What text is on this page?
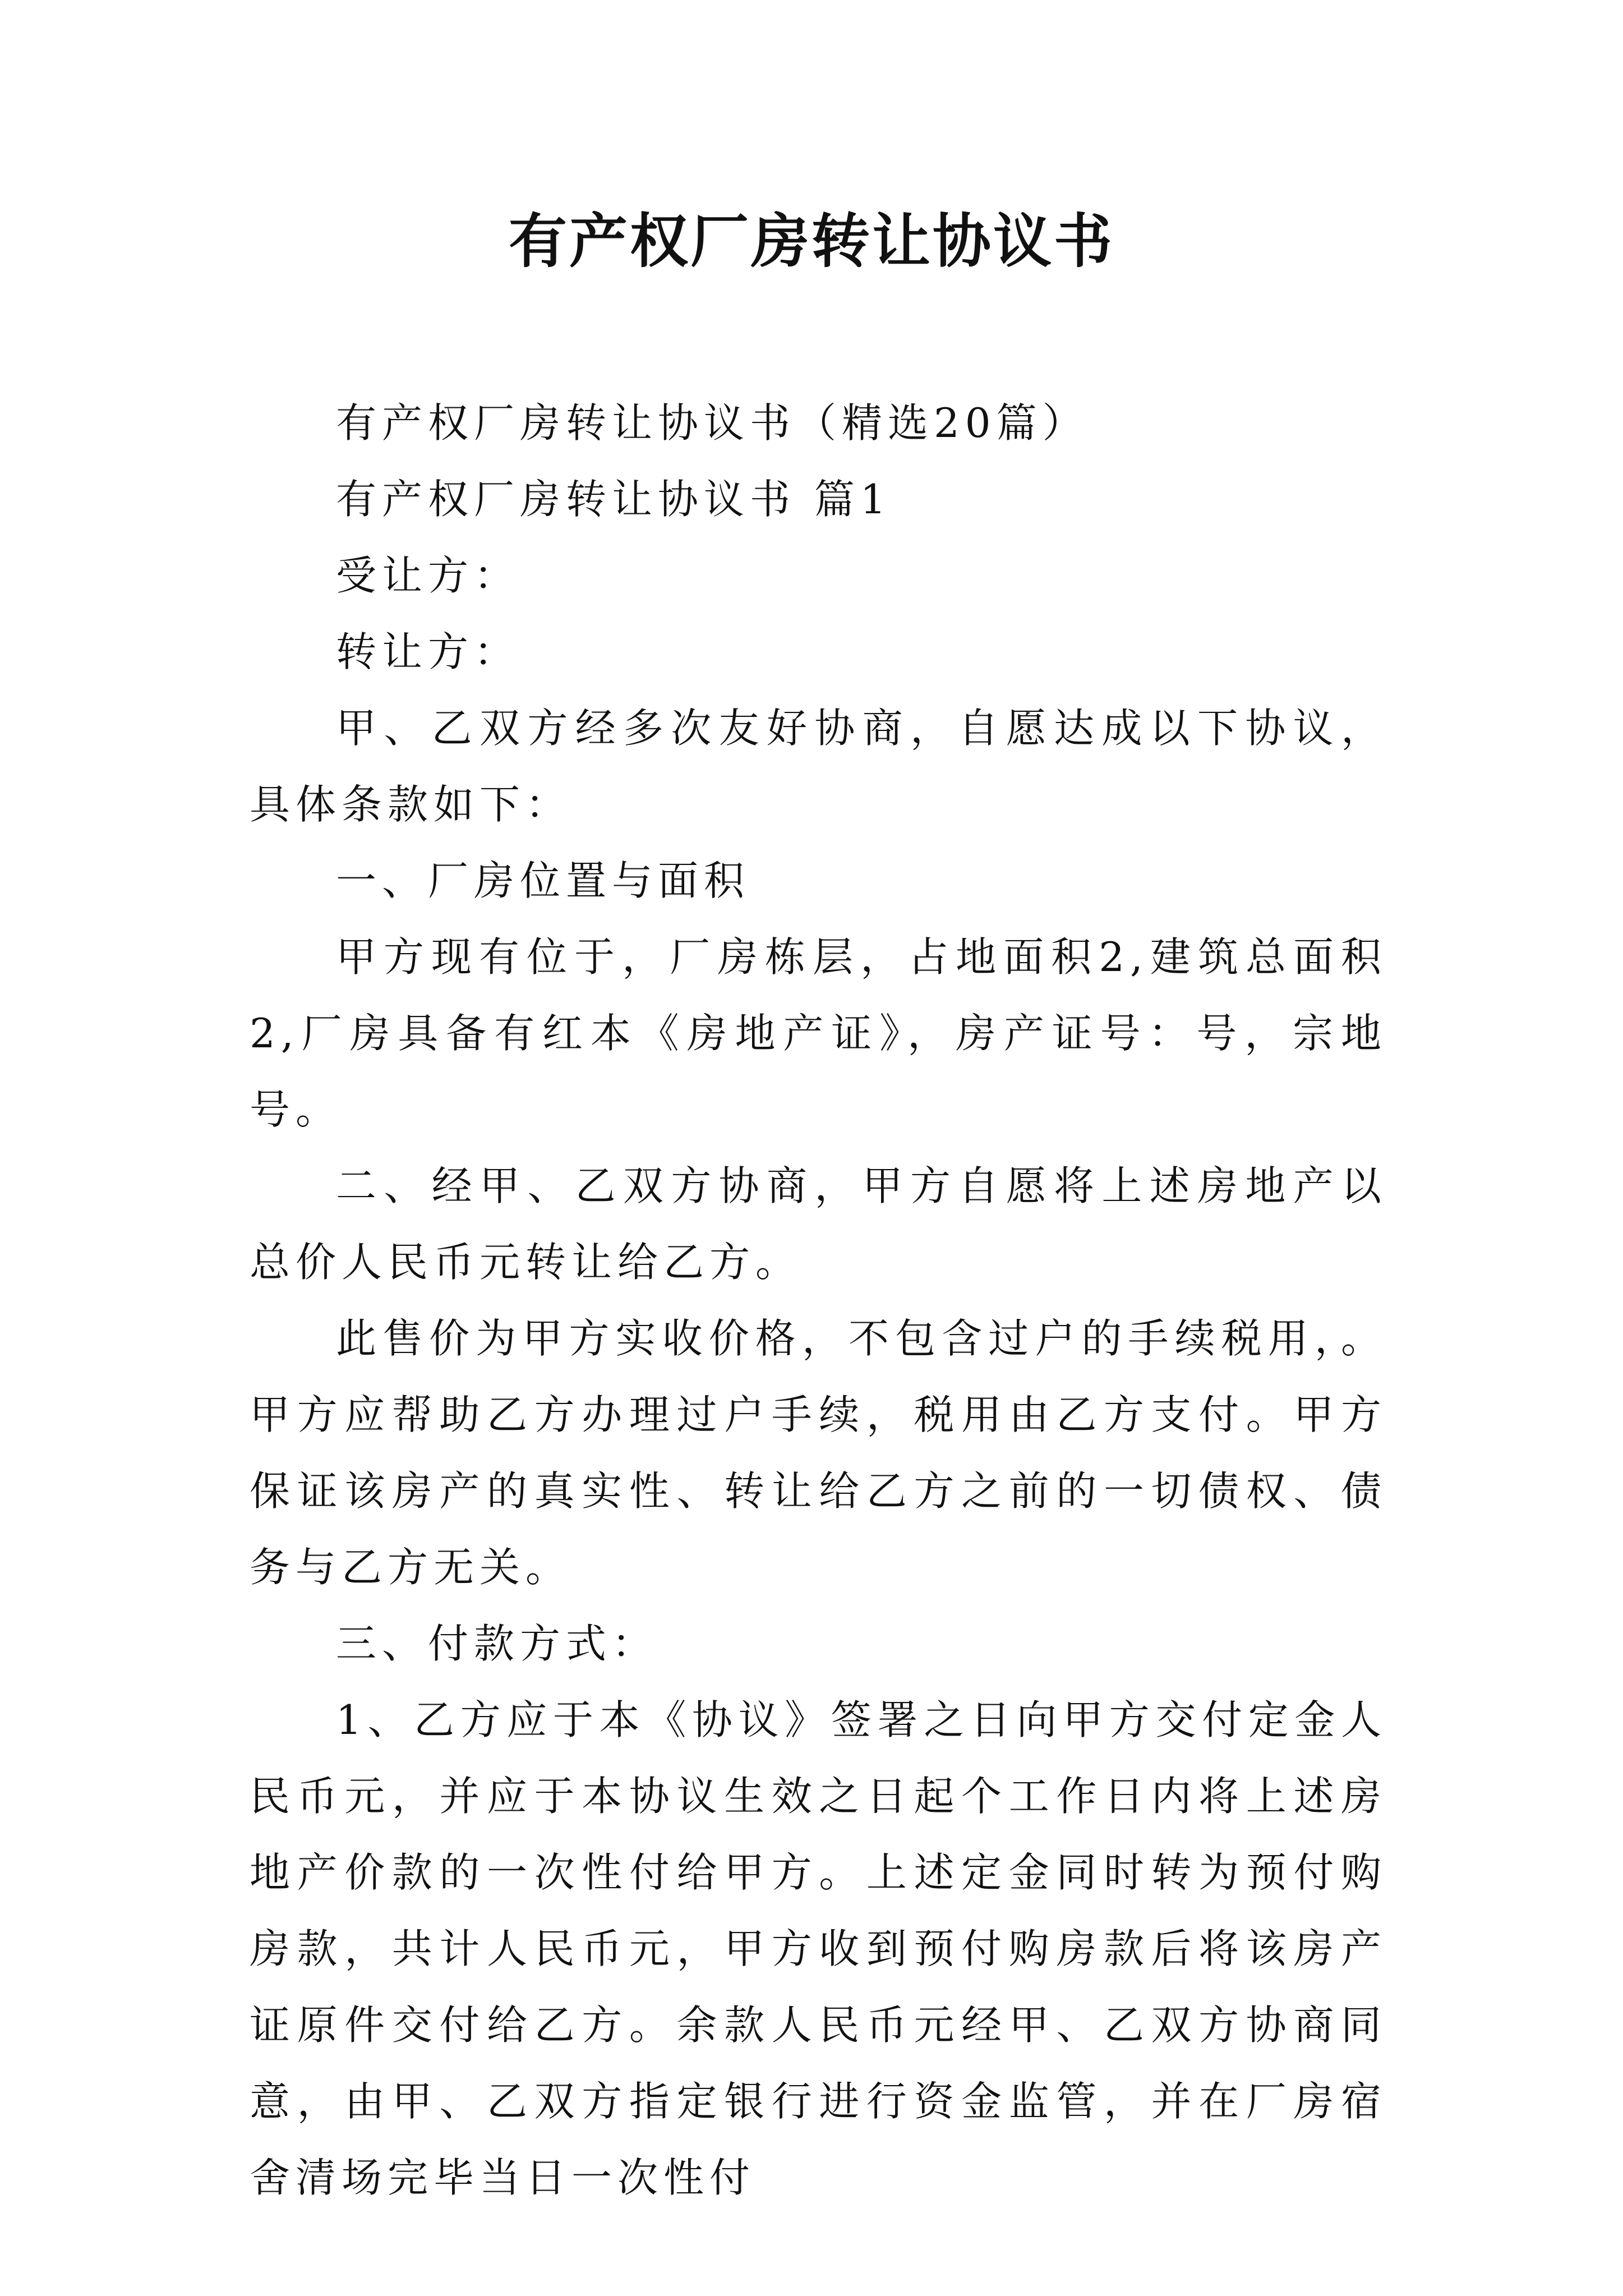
有产权厂房转让协议书

有产权厂房转让协议书（精选20篇）

有产权厂房转让协议书 篇1

受让方：

转让方：

甲、乙双方经多次友好协商，自愿达成以下协议，具体条款如下：

一、厂房位置与面积

甲方现有位于，厂房栋层，占地面积2,建筑总面积2,厂房具备有红本《房地产证》，房产证号：号，宗地号。

二、经甲、乙双方协商，甲方自愿将上述房地产以总价人民币元转让给乙方。

此售价为甲方实收价格，不包含过户的手续税用，。甲方应帮助乙方办理过户手续，税用由乙方支付。甲方保证该房产的真实性、转让给乙方之前的一切债权、债务与乙方无关。

三、付款方式：

1、乙方应于本《协议》签署之日向甲方交付定金人民币元，并应于本协议生效之日起个工作日内将上述房地产价款的一次性付给甲方。上述定金同时转为预付购房款，共计人民币元，甲方收到预付购房款后将该房产证原件交付给乙方。余款人民币元经甲、乙双方协商同意，由甲、乙双方指定银行进行资金监管，并在厂房宿舍清场完毕当日一次性付
